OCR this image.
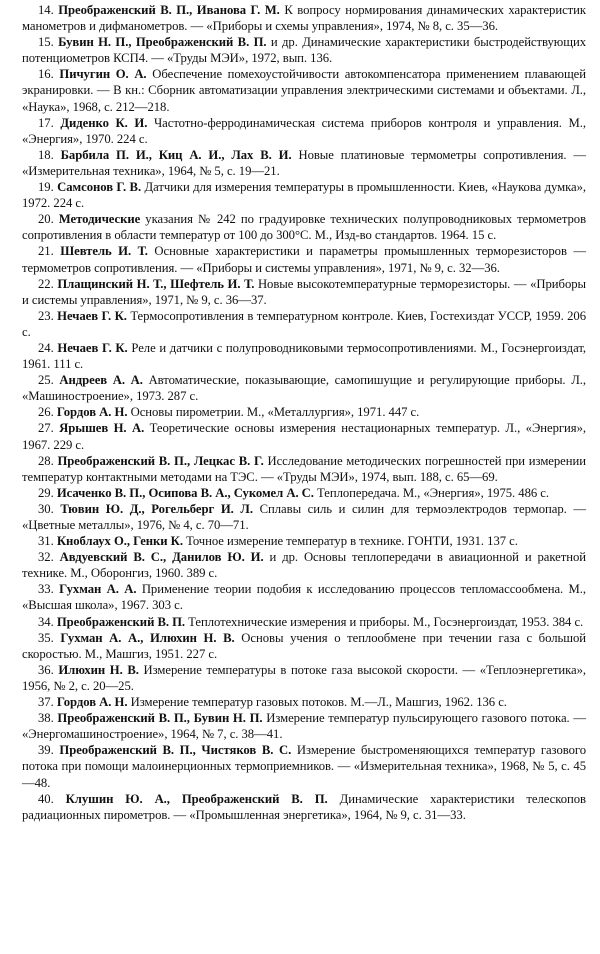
14. Преображенский В. П., Иванова Г. М. К вопросу нормирования динамических характеристик манометров и дифманометров. — «Приборы и схемы управления», 1974, № 8, с. 35—36.

15. Бувин Н. П., Преображенский В. П. и др. Динамические характеристики быстродействующих потенциометров КСП4. — «Труды МЭИ», 1972, вып. 136.

16. Пичугин О. А. Обеспечение помехоустойчивости автокомпенсатора применением плавающей экранировки. — В кн.: Сборник автоматизации управления электрическими системами и объектами. Л., «Наука», 1968, с. 212—218.

17. Диденко К. И. Частотно-ферродинамическая система приборов контроля и управления. М., «Энергия», 1970. 224 с.

18. Барбила П. И., Киц А. И., Лах В. И. Новые платиновые термометры сопротивления. — «Измерительная техника», 1964, № 5, с. 19—21.

19. Самсонов Г. В. Датчики для измерения температуры в промышленности. Киев, «Наукова думка», 1972. 224 с.

20. Методические указания № 242 по градуировке технических полупроводниковых термометров сопротивления в области температур от 100 до 300°С. М., Изд-во стандартов. 1964. 15 с.

21. Шевтель И. Т. Основные характеристики и параметры промышленных терморезисторов — термометров сопротивления. — «Приборы и системы управления», 1971, № 9, с. 32—36.

22. Плащинский Н. Т., Шефтель И. Т. Новые высокотемпературные терморезисторы. — «Приборы и системы управления», 1971, № 9, с. 36—37.

23. Нечаев Г. К. Термосопротивления в температурном контроле. Киев, Гостехиздат УССР, 1959. 206 с.

24. Нечаев Г. К. Реле и датчики с полупроводниковыми термосопротивлениями. М., Госэнергоиздат, 1961. 111 с.

25. Андреев А. А. Автоматические, показывающие, самопишущие и регулирующие приборы. Л., «Машиностроение», 1973. 287 с.

26. Гордов А. Н. Основы пирометрии. М., «Металлургия», 1971. 447 с.

27. Ярышев Н. А. Теоретические основы измерения нестационарных температур. Л., «Энергия», 1967. 229 с.

28. Преображенский В. П., Лецкас В. Г. Исследование методических погрешностей при измерении температур контактными методами на ТЭС. — «Труды МЭИ», 1974, вып. 188, с. 65—69.

29. Исаченко В. П., Осипова В. А., Сукомел А. С. Теплопередача. М., «Энергия», 1975. 486 с.

30. Тювин Ю. Д., Рогельберг И. Л. Сплавы силь и силин для термоэлектродов термопар. — «Цветные металлы», 1976, № 4, с. 70—71.

31. Кноблаух О., Генки К. Точное измерение температур в технике. ГОНТИ, 1931. 137 с.

32. Авдуевский В. С., Данилов Ю. И. и др. Основы теплопередачи в авиационной и ракетной технике. М., Оборонгиз, 1960. 389 с.

33. Гухман А. А. Применение теории подобия к исследованию процессов тепломассообмена. М., «Высшая школа», 1967. 303 с.

34. Преображенский В. П. Теплотехнические измерения и приборы. М., Госэнергоиздат, 1953. 384 с.

35. Гухман А. А., Илюхин Н. В. Основы учения о теплообмене при течении газа с большой скоростью. М., Машгиз, 1951. 227 с.

36. Илюхин Н. В. Измерение температуры в потоке газа высокой скорости. — «Теплоэнергетика», 1956, № 2, с. 20—25.

37. Гордов А. Н. Измерение температур газовых потоков. М.—Л., Машгиз, 1962. 136 с.

38. Преображенский В. П., Бувин Н. П. Измерение температур пульсирующего газового потока. — «Энергомашиностроение», 1964, № 7, с. 38—41.

39. Преображенский В. П., Чистяков В. С. Измерение быстроменяющихся температур газового потока при помощи малоинерционных термоприемников. — «Измерительная техника», 1968, № 5, с. 45—48.

40. Клушин Ю. А., Преображенский В. П. Динамические характеристики телескопов радиационных пирометров. — «Промышленная энергетика», 1964, № 9, с. 31—33.
